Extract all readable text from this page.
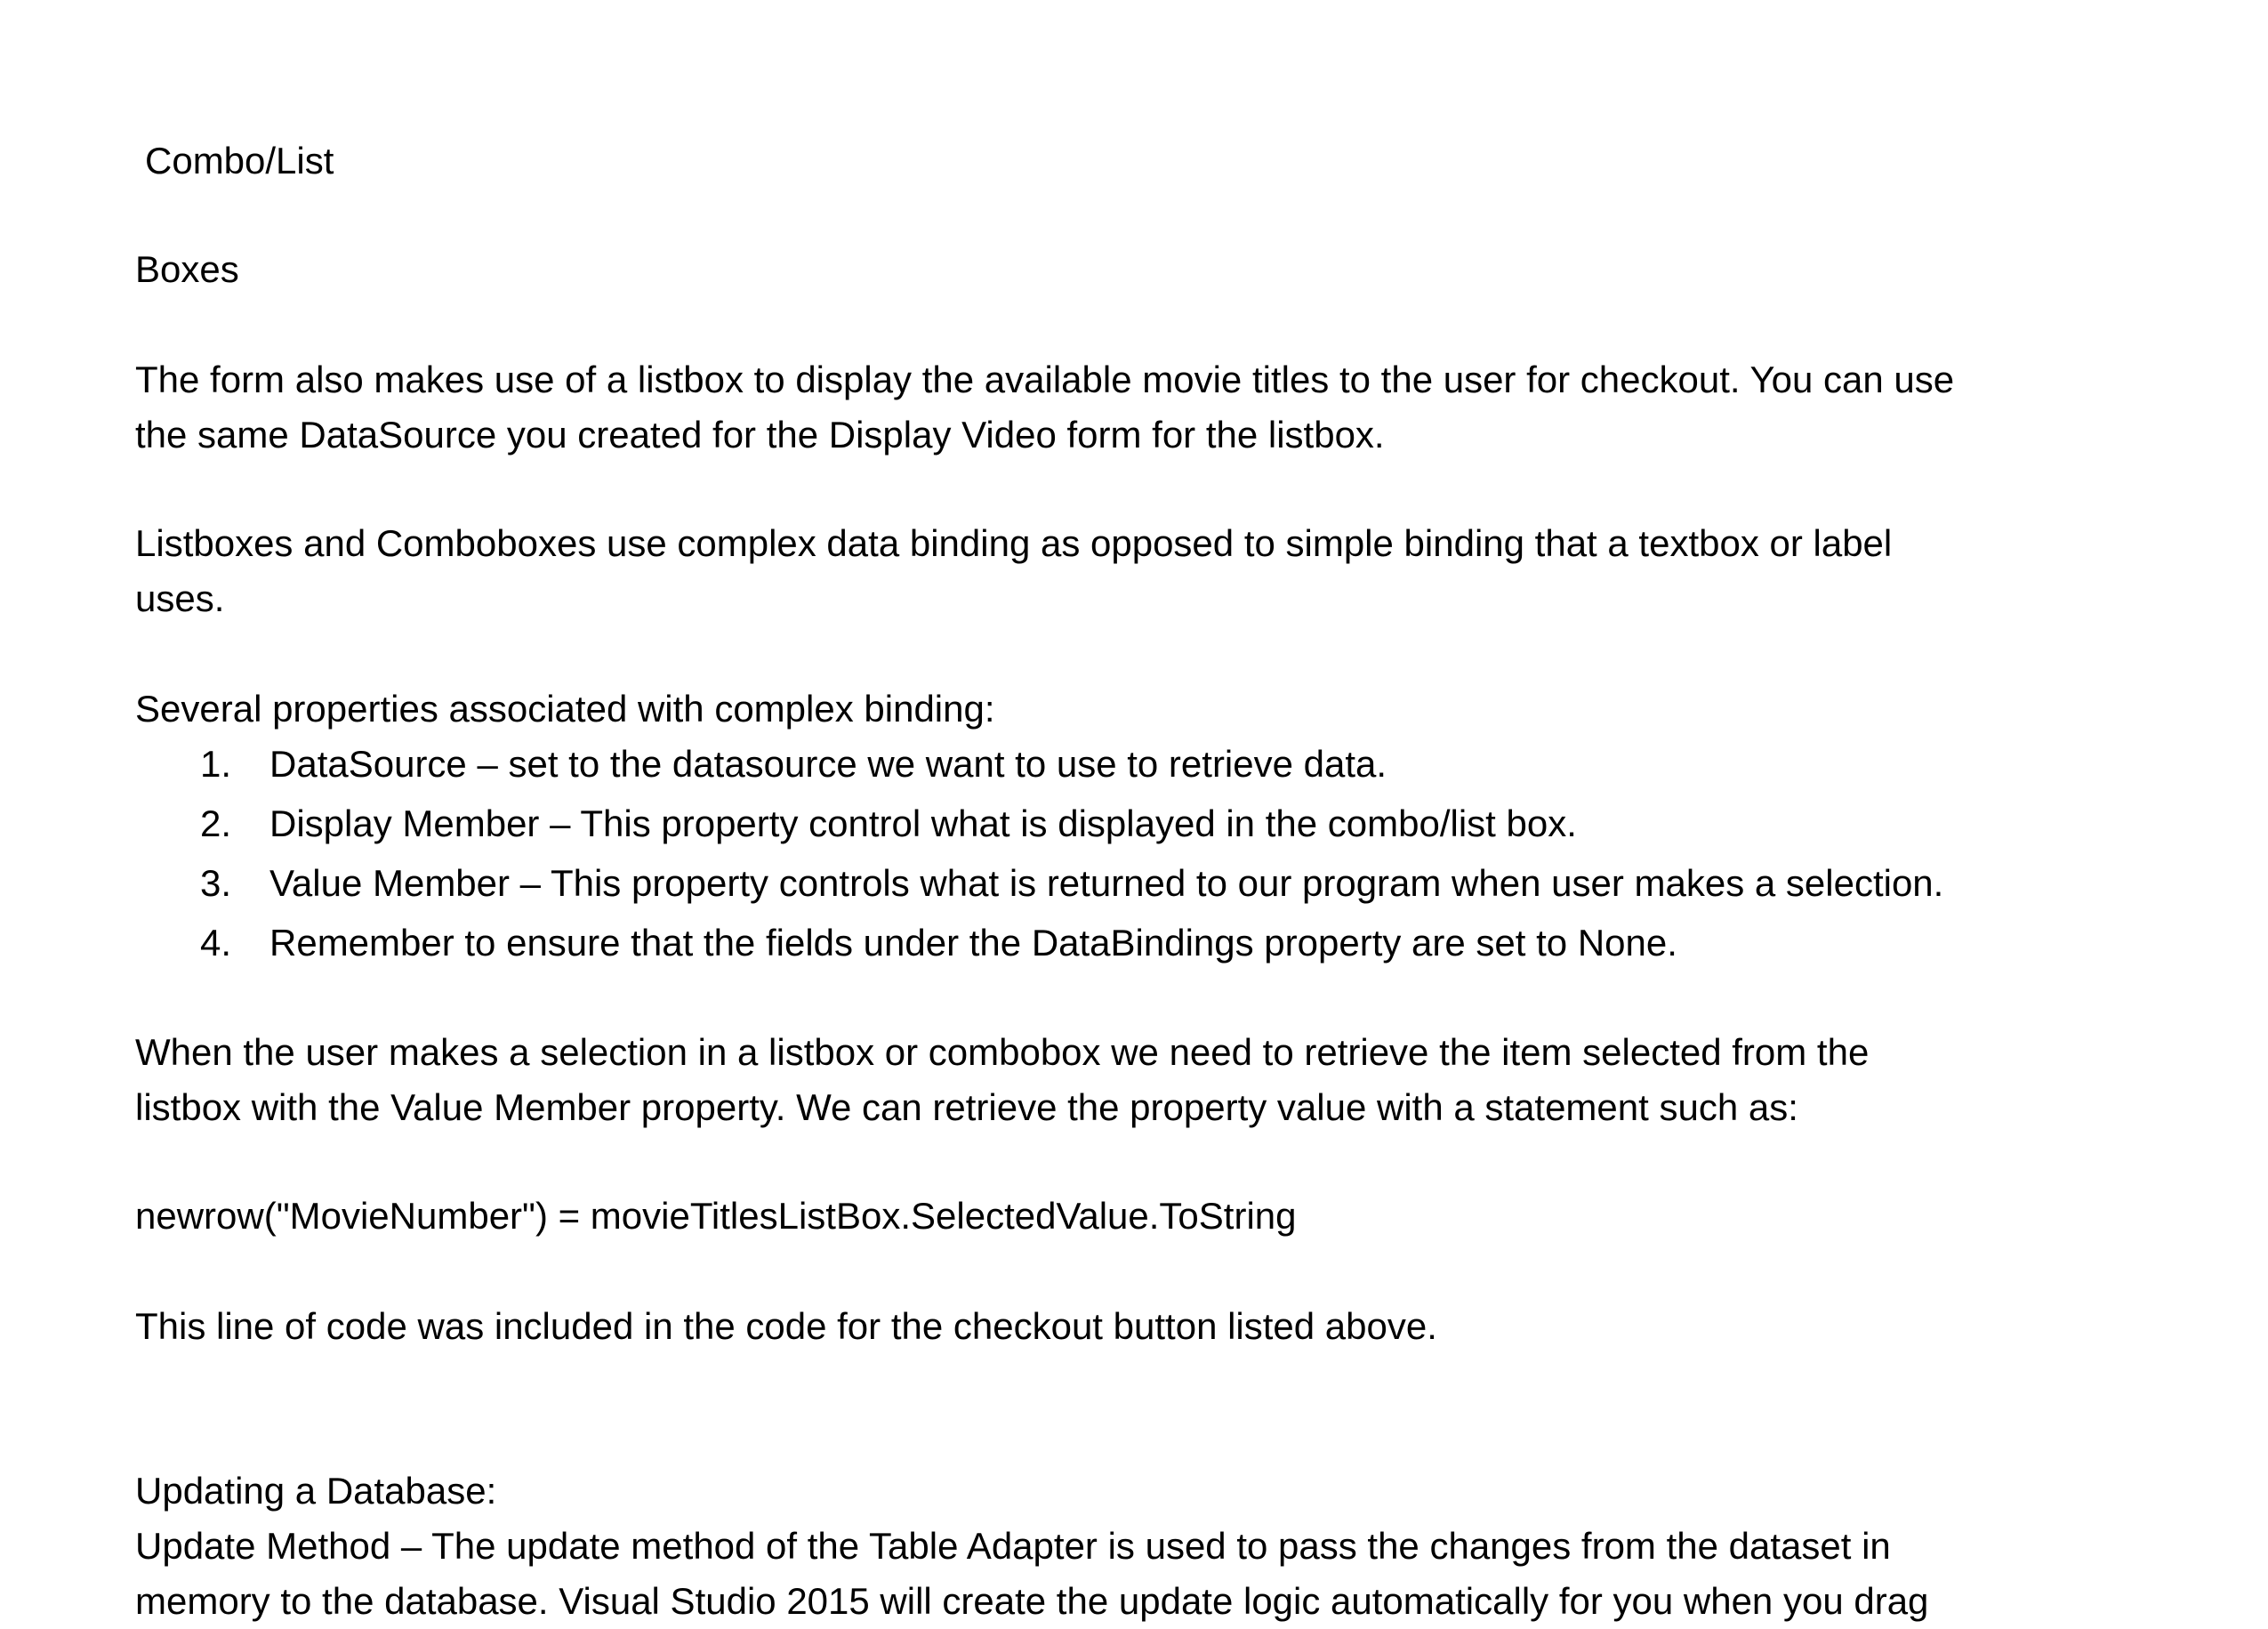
Combo/List

Boxes

The form also makes use of a listbox to display the available movie titles to the user for checkout. You can use

the same DataSource you created for the Display Video form for the listbox.

Listboxes and Comboboxes use complex data binding as opposed to simple binding that a textbox or label

uses.

Several properties associated with complex binding:

1.	DataSource – set to the datasource we want to use to retrieve data.
2.	Display Member – This property control what is displayed in the combo/list box.
3.	Value Member – This property controls what is returned to our program when user makes a selection.
4.	Remember to ensure that the fields under the DataBindings property are set to None.

When the user makes a selection in a listbox or combobox we need to retrieve the item selected from the

listbox with the Value Member property. We can retrieve the property value with a statement such as:

newrow("MovieNumber") = movieTitlesListBox.SelectedValue.ToString

This line of code was included in the code for the checkout button listed above.

Updating a Database:

Update Method – The update method of the Table Adapter is used to pass the changes from the dataset in

memory to the database. Visual Studio 2015 will create the update logic automatically for you when you drag
